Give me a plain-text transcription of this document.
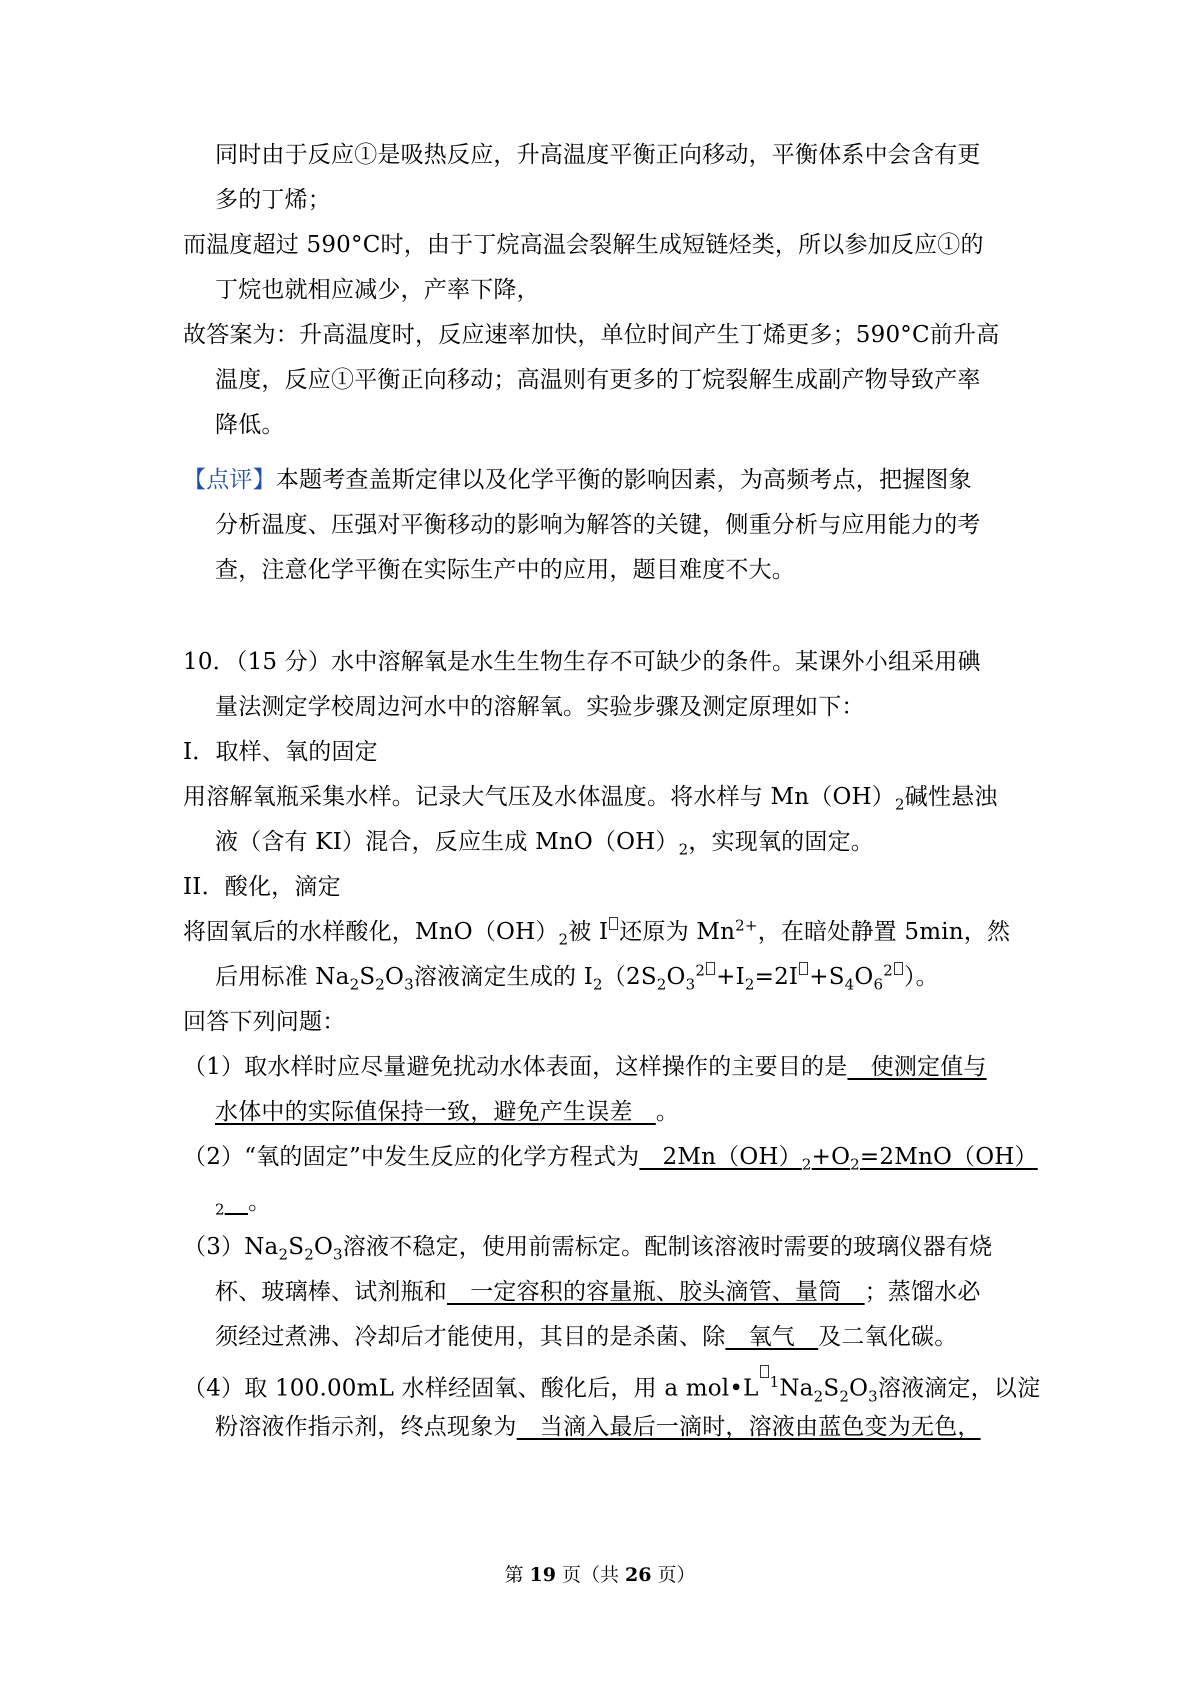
同时由于反应①是吸热反应，升高温度平衡正向移动，平衡体系中会含有更
多的丁烯；
而温度超过 590°C时，由于丁烷高温会裂解生成短链烃类，所以参加反应①的
丁烷也就相应减少，产率下降，
故答案为：升高温度时，反应速率加快，单位时间产生丁烯更多；590°C前升高
温度，反应①平衡正向移动；高温则有更多的丁烷裂解生成副产物导致产率
降低。
【点评】本题考查盖斯定律以及化学平衡的影响因素，为高频考点，把握图象
分析温度、压强对平衡移动的影响为解答的关键，侧重分析与应用能力的考
查，注意化学平衡在实际生产中的应用，题目难度不大。
10．（15 分）水中溶解氧是水生生物生存不可缺少的条件。某课外小组采用碘
量法测定学校周边河水中的溶解氧。实验步骤及测定原理如下：
I．取样、氧的固定
用溶解氧瓶采集水样。记录大气压及水体温度。将水样与 $Mn(OH)_2$碱性悬浊
液（含有 KI）混合，反应生成 $MnO(OH)_2$，实现氧的固定。
II．酸化，滴定
将固氧后的水样酸化，$MnO(OH)_2$被 I 还原为 $Mn^{2+}$，在暗处静置 5min，然
后用标准 $Na_2S_2O_3$溶液滴定生成的 $I_2(2S_2O_3^2 +I_2=2I +S_4O_6^2$ ）。
回答下列问题：
（1）取水样时应尽量避免扰动水体表面，这样操作的主要目的是　使测定值与
水体中的实际值保持一致，避免产生误差　。
（2）“氧的固定”中发生反应的化学方程式为　$2Mn(OH)_2+O_2=2MnO(OH)$
$_2$  。
$(3)Na_2S_2O_3$溶液不稳定，使用前需标定。配制该溶液时需要的玻璃仪器有烧
杯、玻璃棒、试剂瓶和　一定容积的容量瓶、胶头滴管、量筒　；蒸馏水必
须经过煮沸、冷却后才能使用，其目的是杀菌、除　氧气　及二氧化碳。
（4）取 100.00mL 水样经固氧、酸化后，用 a mol•L $^1Na_2S_2O_3$溶液滴定，以淀
粉溶液作指示剂，终点现象为　当滴入最后一滴时，溶液由蓝色变为无色，
第 19 页（共 26 页）
